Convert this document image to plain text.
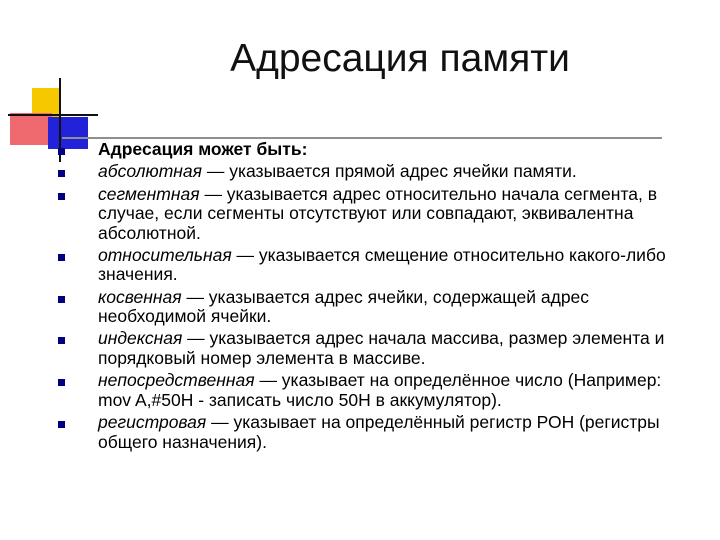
Адресация памяти
Адресация может быть:
абсолютная — указывается прямой адрес ячейки памяти.
сегментная — указывается адрес относительно начала сегмента, в случае, если сегменты отсутствуют или совпадают, эквивалентна абсолютной.
относительная — указывается смещение относительно какого-либо значения.
косвенная — указывается адрес ячейки, содержащей адрес необходимой ячейки.
индексная — указывается адрес начала массива, размер элемента и порядковый номер элемента в массиве.
непосредственная — указывает на определённое число (Например: mov A,#50H - записать число 50H в аккумулятор).
регистровая — указывает на определённый регистр РОН (регистры общего назначения).
